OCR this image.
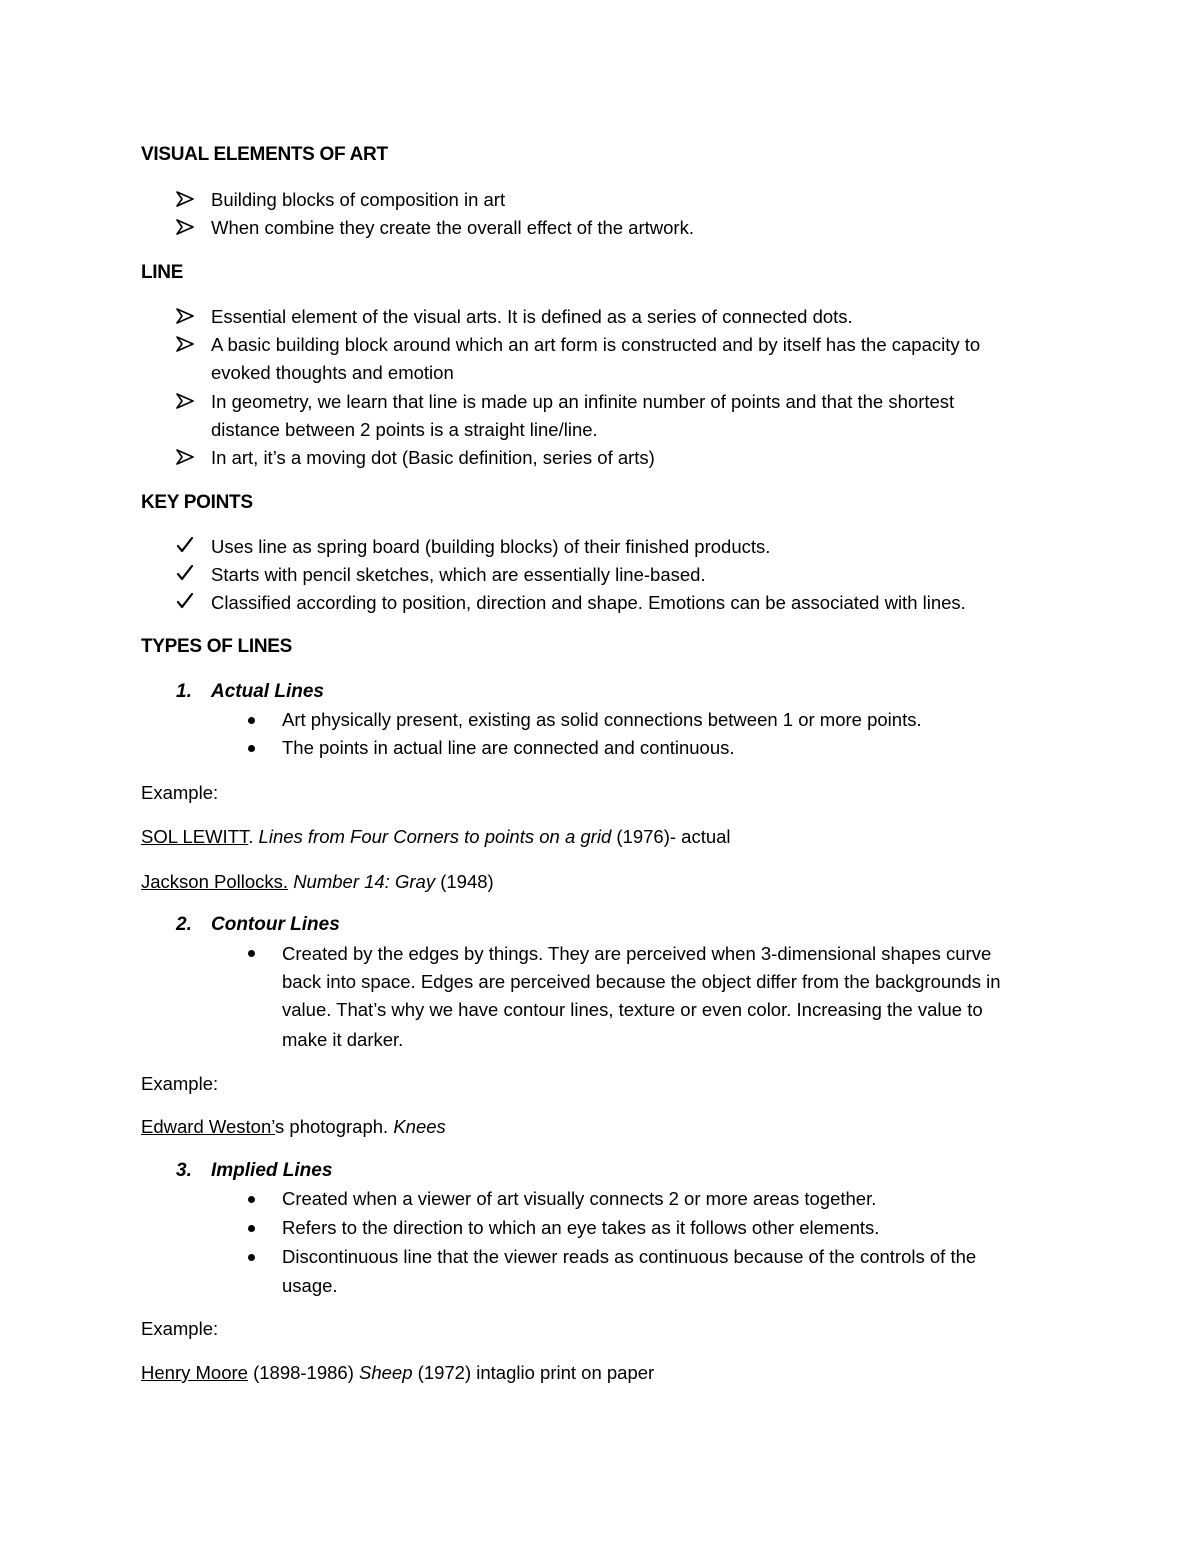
VISUAL ELEMENTS OF ART
Building blocks of composition in art
When combine they create the overall effect of the artwork.
LINE
Essential element of the visual arts. It is defined as a series of connected dots.
A basic building block around which an art form is constructed and by itself has the capacity to
evoked thoughts and emotion
In geometry, we learn that line is made up an infinite number of points and that the shortest
distance between 2 points is a straight line/line.
In art, it’s a moving dot (Basic definition, series of arts)
KEY POINTS
Uses line as spring board (building blocks) of their finished products.
Starts with pencil sketches, which are essentially line-based.
Classified according to position, direction and shape. Emotions can be associated with lines.
TYPES OF LINES
1. Actual Lines
Art physically present, existing as solid connections between 1 or more points.
The points in actual line are connected and continuous.
Example:
SOL LEWITT. Lines from Four Corners to points on a grid (1976)- actual
Jackson Pollocks. Number 14: Gray (1948)
2. Contour Lines
Created by the edges by things. They are perceived when 3-dimensional shapes curve
back into space. Edges are perceived because the object differ from the backgrounds in
value. That’s why we have contour lines, texture or even color. Increasing the value to
make it darker.
Example:
Edward Weston’s photograph. Knees
3. Implied Lines
Created when a viewer of art visually connects 2 or more areas together.
Refers to the direction to which an eye takes as it follows other elements.
Discontinuous line that the viewer reads as continuous because of the controls of the
usage.
Example:
Henry Moore (1898-1986) Sheep (1972) intaglio print on paper
